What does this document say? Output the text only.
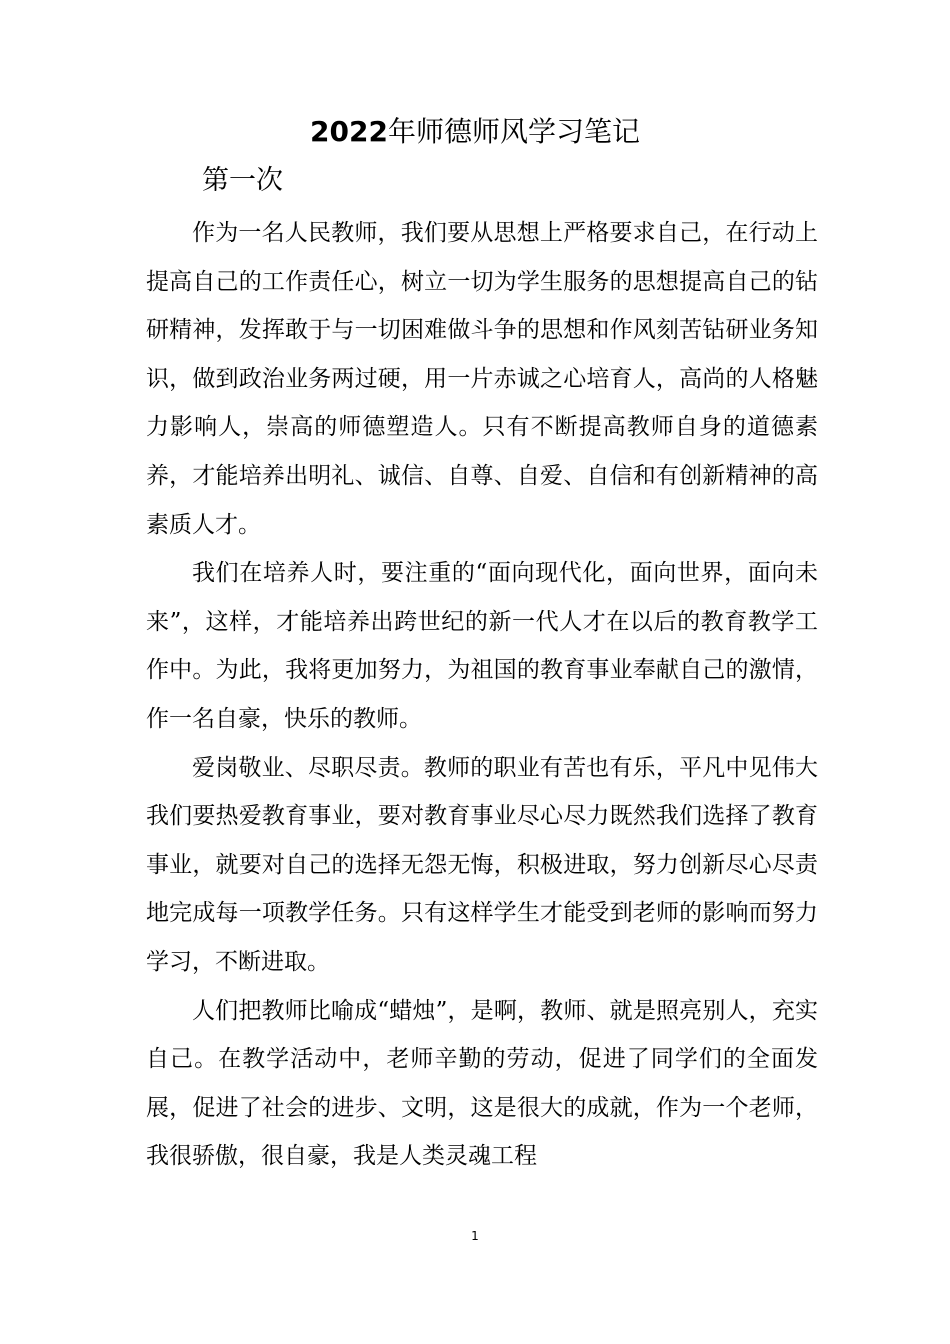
2022年师德师风学习笔记
第一次

作为一名人民教师，我们要从思想上严格要求自己，在行动上提高自己的工作责任心，树立一切为学生服务的思想提高自己的钻研精神，发挥敢于与一切困难做斗争的思想和作风刻苦钻研业务知识，做到政治业务两过硬，用一片赤诚之心培育人，高尚的人格魅力影响人，崇高的师德塑造人。只有不断提高教师自身的道德素养，才能培养出明礼、诚信、自尊、自爱、自信和有创新精神的高素质人才。

我们在培养人时，要注重的“面向现代化，面向世界，面向未来”，这样，才能培养出跨世纪的新一代人才在以后的教育教学工作中。为此，我将更加努力，为祖国的教育事业奉献自己的激情，作一名自豪，快乐的教师。

爱岗敬业、尽职尽责。教师的职业有苦也有乐，平凡中见伟大我们要热爱教育事业，要对教育事业尽心尽力既然我们选择了教育事业，就要对自己的选择无怨无悔，积极进取，努力创新尽心尽责地完成每一项教学任务。只有这样学生才能受到老师的影响而努力学习，不断进取。

人们把教师比喻成“蜡烛”，是啊，教师、就是照亮别人，充实自己。在教学活动中，老师辛勤的劳动，促进了同学们的全面发展，促进了社会的进步、文明，这是很大的成就，作为一个老师，我很骄傲，很自豪，我是人类灵魂工程

1
